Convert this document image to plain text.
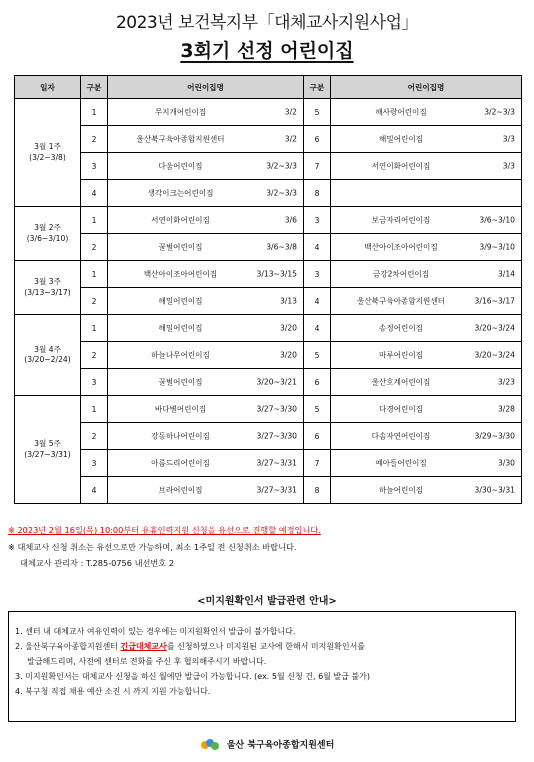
2023년 보건복지부「대체교사지원사업」
3회기 선정 어린이집
일자	구분	어린이집명	구분	어린이집명

3월 1주
(3/2~3/8)	1	무지개어린이집 3/2	5	해사랑어린이집 3/2~3/3

	2	울산북구육아종합지원센터 3/2	6	해밀어린이집 3/3

	3	다움어린이집 3/2~3/3	7	서연이화어린이집 3/3

	4	생각이크는어린이집 3/2~3/3	8	

3월 2주
(3/6~3/10)	1	서연이화어린이집 3/6	3	보금자리어린이집 3/6~3/10

	2	꿀벌어린이집 3/6~3/8	4	백산아이조아어린이집 3/9~3/10

3월 3주
(3/13~3/17)	1	백산아이조아어린이집 3/13~3/15	3	금강2차어린이집 3/14

	2	해밀어린이집 3/13	4	울산북구육아종합지원센터 3/16~3/17

3월 4주
(3/20~2/24)	1	해밀어린이집 3/20	4	송정어린이집 3/20~3/24

	2	하늘나무어린이집 3/20	5	마루어린이집 3/20~3/24

	3	꿀벌어린이집 3/20~3/21	6	울산호계어린이집 3/23

3월 5주
(3/27~3/31)	1	바다별어린이집 3/27~3/30	5	다경어린이집 3/28

	2	강동하나어린이집 3/27~3/30	6	다솜자연어린이집 3/29~3/30

	3	아름드리어린이집 3/27~3/31	7	예아들어린이집 3/30

	4	브라어린이집 3/27~3/31	8	하늘어린이집 3/30~3/31
※ 2023년 2월 16일(목) 10:00부터 유휴인력지원 신청을 유선으로 진행할 예정입니다.
※ 대체교사 신청 취소는 유선으로만 가능하며, 최소 1주일 전 신청취소 바랍니다.
대체교사 관리자 : T.285-0756 내선번호 2
<미지원확인서 발급관련 안내>
1. 센터 내 대체교사 여유인력이 있는 경우에는 미지원확인서 발급이 불가합니다.
2. 울산북구육아종합지원센터 긴급대체교사를 신청하였으나 미지원된 교사에 한해서 미지원확인서를
발급해드리며, 사전에 센터로 전화를 주신 후 협의해주시기 바랍니다.
3. 미지원확인서는 대체교사 신청을 하신 월에만 발급이 가능합니다. (ex. 5월 신청 건, 6월 발급 불가)
4. 북구청 직접 채용 예산 소진 시 까지 지원 가능합니다.
울산 북구육아종합지원센터
